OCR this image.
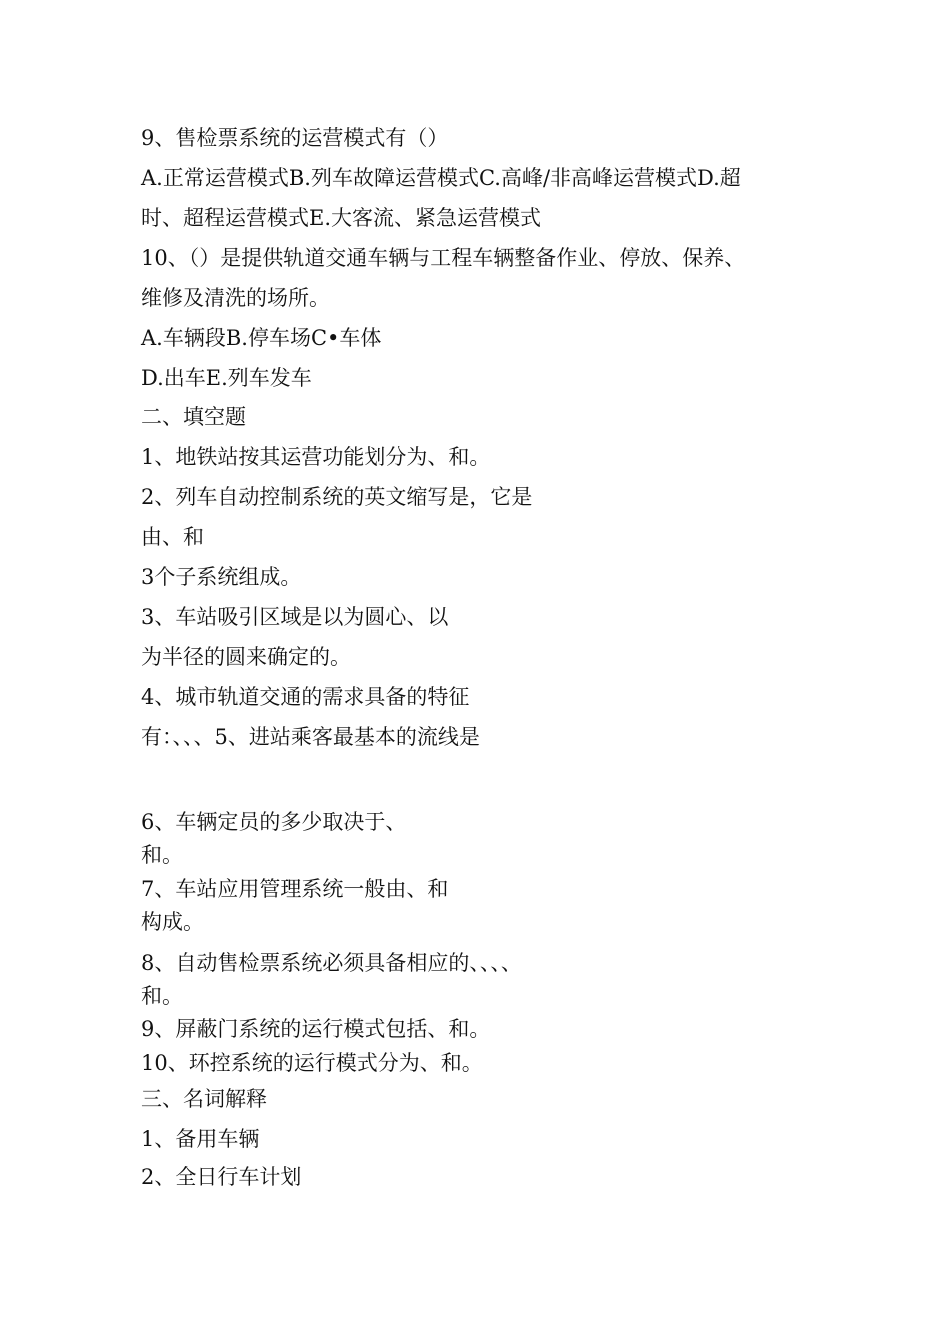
9、售检票系统的运营模式有（）
A.正常运营模式B.列车故障运营模式C.高峰/非高峰运营模式D.超
时、超程运营模式E.大客流、紧急运营模式
10、（）是提供轨道交通车辆与工程车辆整备作业、停放、保养、
维修及清洗的场所。
A.车辆段B.停车场C•车体
D.出车E.列车发车
二、填空题
1、地铁站按其运营功能划分为、和。
2、列车自动控制系统的英文缩写是，它是
由、和
3个子系统组成。
3、车站吸引区域是以为圆心、以
为半径的圆来确定的。
4、城市轨道交通的需求具备的特征
有：、、、5、进站乘客最基本的流线是
6、车辆定员的多少取决于、
和。
7、车站应用管理系统一般由、和
构成。
8、自动售检票系统必须具备相应的、、、、
和。
9、屏蔽门系统的运行模式包括、和。
10、环控系统的运行模式分为、和。
三、名词解释
1、备用车辆
2、全日行车计划
